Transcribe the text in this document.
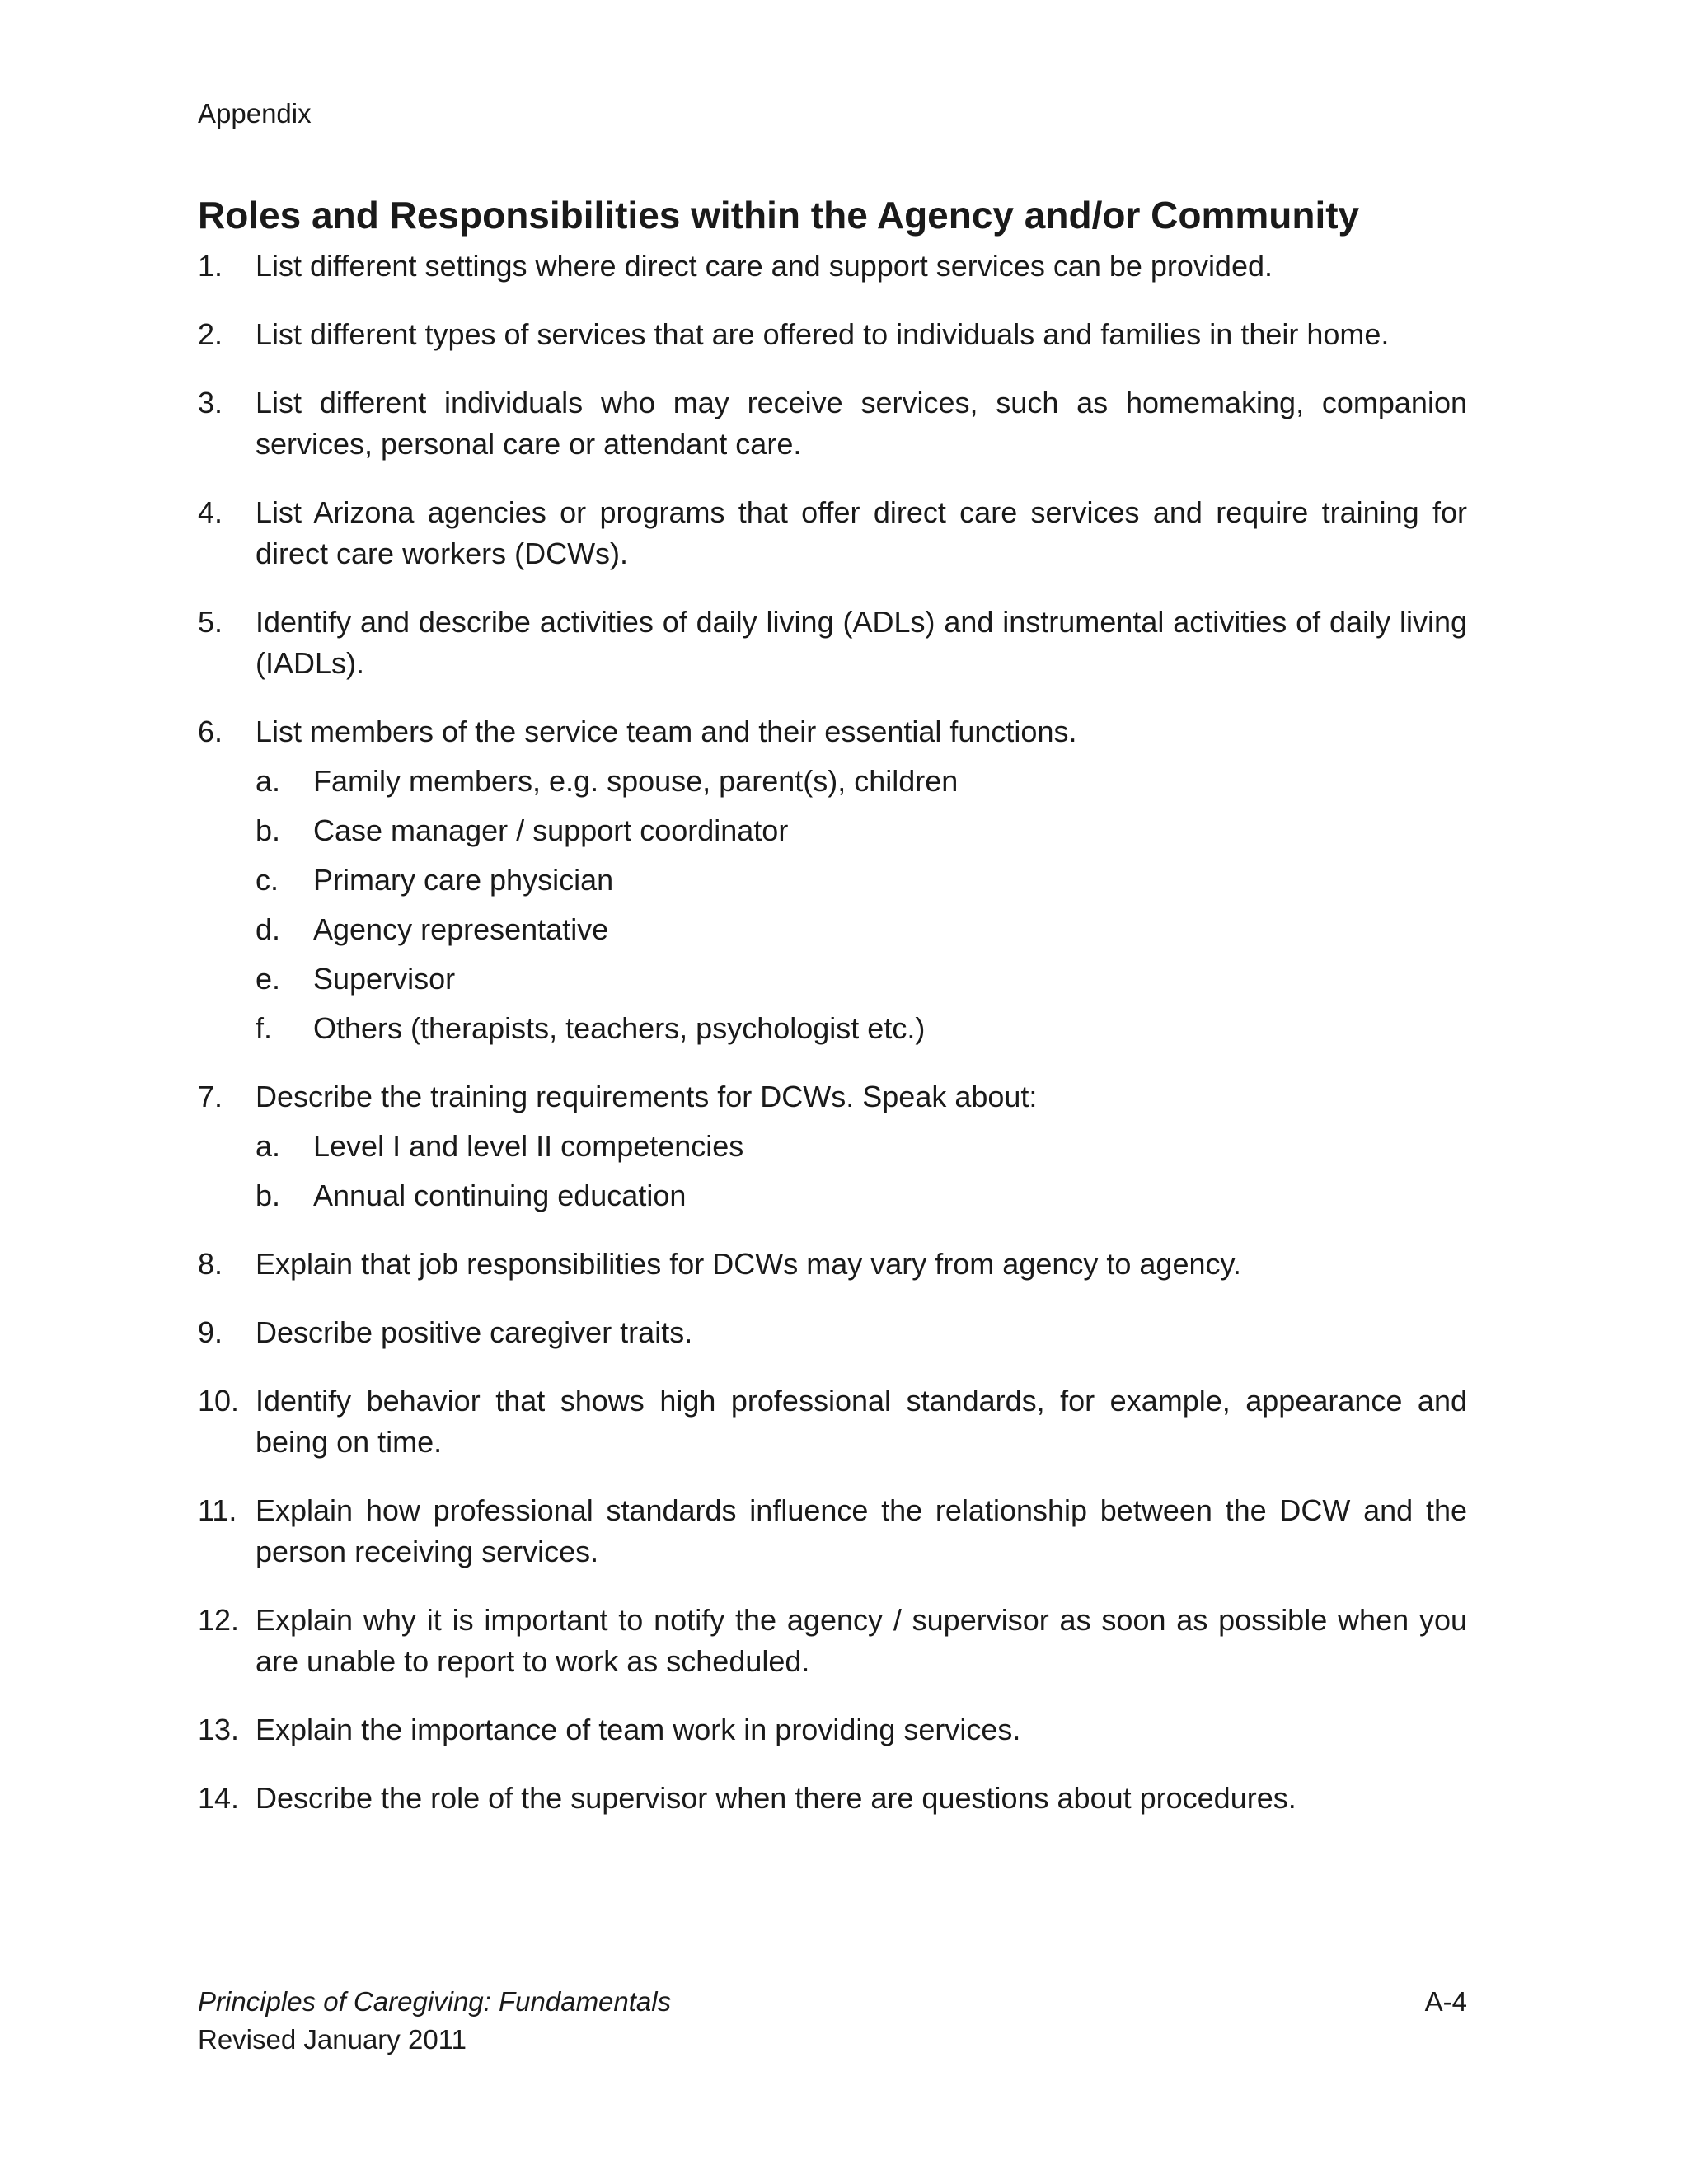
Appendix
Roles and Responsibilities within the Agency and/or Community
1. List different settings where direct care and support services can be provided.
2. List different types of services that are offered to individuals and families in their home.
3. List different individuals who may receive services, such as homemaking, companion services, personal care or attendant care.
4. List Arizona agencies or programs that offer direct care services and require training for direct care workers (DCWs).
5. Identify and describe activities of daily living (ADLs) and instrumental activities of daily living (IADLs).
6. List members of the service team and their essential functions.
a. Family members, e.g. spouse, parent(s), children
b. Case manager / support coordinator
c. Primary care physician
d. Agency representative
e. Supervisor
f. Others (therapists, teachers, psychologist etc.)
7. Describe the training requirements for DCWs. Speak about:
a. Level I and level II competencies
b. Annual continuing education
8. Explain that job responsibilities for DCWs may vary from agency to agency.
9. Describe positive caregiver traits.
10. Identify behavior that shows high professional standards, for example, appearance and being on time.
11. Explain how professional standards influence the relationship between the DCW and the person receiving services.
12. Explain why it is important to notify the agency / supervisor as soon as possible when you are unable to report to work as scheduled.
13. Explain the importance of team work in providing services.
14. Describe the role of the supervisor when there are questions about procedures.
Principles of Caregiving: Fundamentals	A-4
Revised January 2011
